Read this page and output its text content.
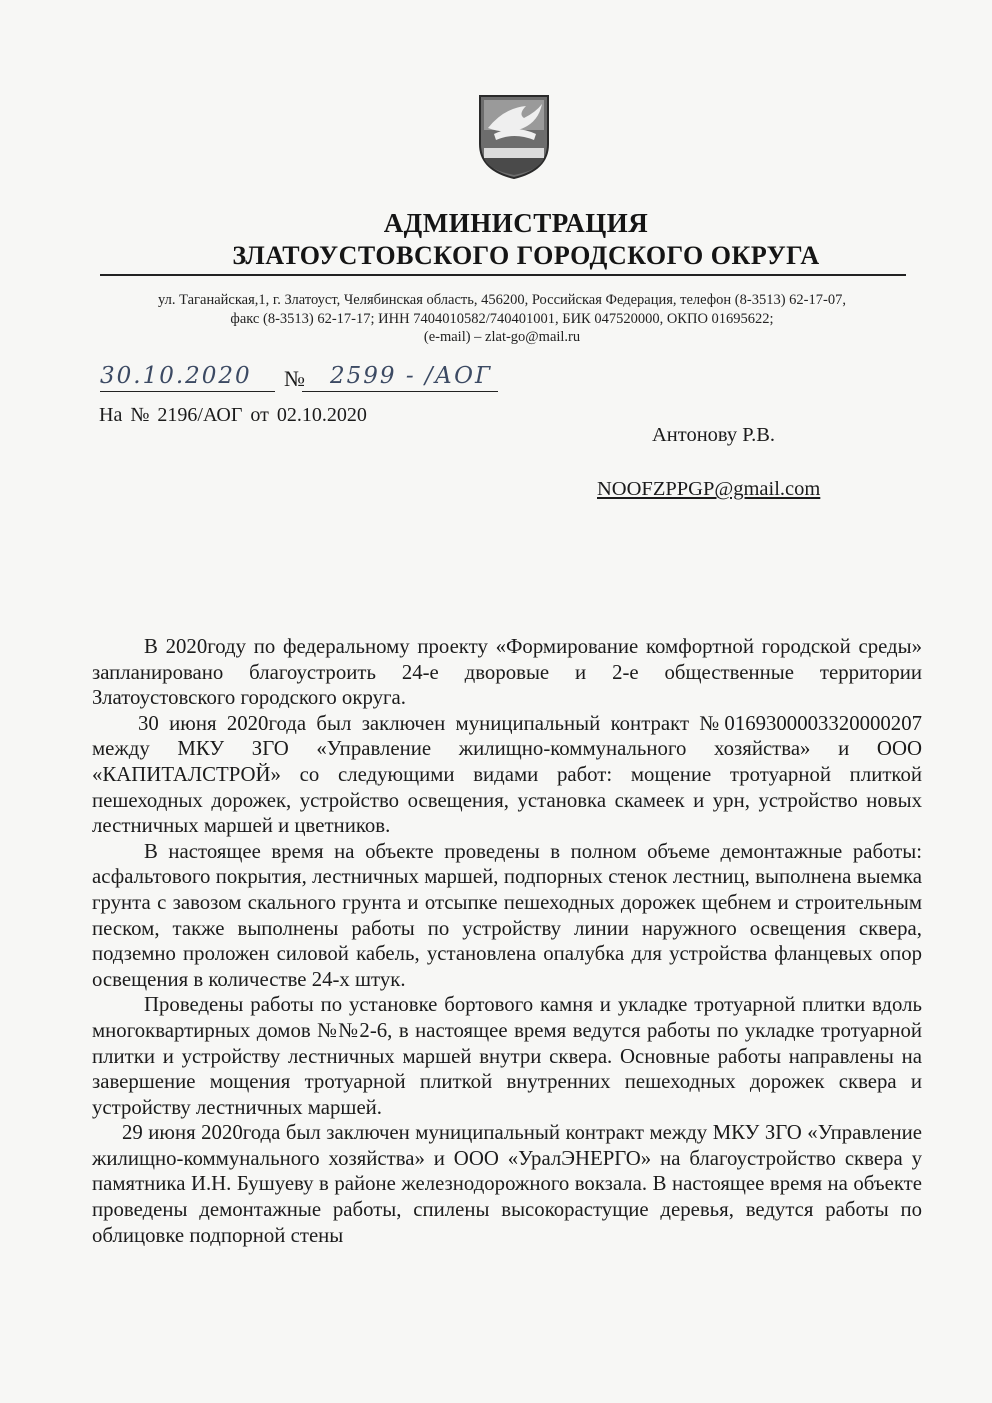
АДМИНИСТРАЦИЯ
ЗЛАТОУСТОВСКОГО ГОРОДСКОГО ОКРУГА
ул. Таганайская,1, г. Златоуст, Челябинская область, 456200, Российская Федерация, телефон (8-3513) 62-17-07,
факс (8-3513) 62-17-17; ИНН 7404010582/740401001, БИК 047520000, ОКПО 01695622;
(e-mail) – zlat-go@mail.ru
30.10.2020 № 2599 - /АОГ
На № 2196/АОГ от 02.10.2020
Антонову Р.В.
NOOFZPPGP@gmail.com

В 2020году по федеральному проекту «Формирование комфортной городской среды» запланировано благоустроить 24-е дворовые и 2-е общественные территории Златоустовского городского округа.

30 июня 2020года был заключен муниципальный контракт №0169300003320000207 между МКУ ЗГО «Управление жилищно-коммунального хозяйства» и ООО «КАПИТАЛСТРОЙ» со следующими видами работ: мощение тротуарной плиткой пешеходных дорожек, устройство освещения, установка скамеек и урн, устройство новых лестничных маршей и цветников.

В настоящее время на объекте проведены в полном объеме демонтажные работы: асфальтового покрытия, лестничных маршей, подпорных стенок лестниц, выполнена выемка грунта с завозом скального грунта и отсыпке пешеходных дорожек щебнем и строительным песком, также выполнены работы по устройству линии наружного освещения сквера, подземно проложен силовой кабель, установлена опалубка для устройства фланцевых опор освещения в количестве 24-х штук.

Проведены работы по установке бортового камня и укладке тротуарной плитки вдоль многоквартирных домов №№2-6, в настоящее время ведутся работы по укладке тротуарной плитки и устройству лестничных маршей внутри сквера. Основные работы направлены на завершение мощения тротуарной плиткой внутренних пешеходных дорожек сквера и устройству лестничных маршей.

29 июня 2020года был заключен муниципальный контракт между МКУ ЗГО «Управление жилищно-коммунального хозяйства» и ООО «УралЭНЕРГО» на благоустройство сквера у памятника И.Н. Бушуеву в районе железнодорожного вокзала. В настоящее время на объекте проведены демонтажные работы, спилены высокорастущие деревья, ведутся работы по облицовке подпорной стены
